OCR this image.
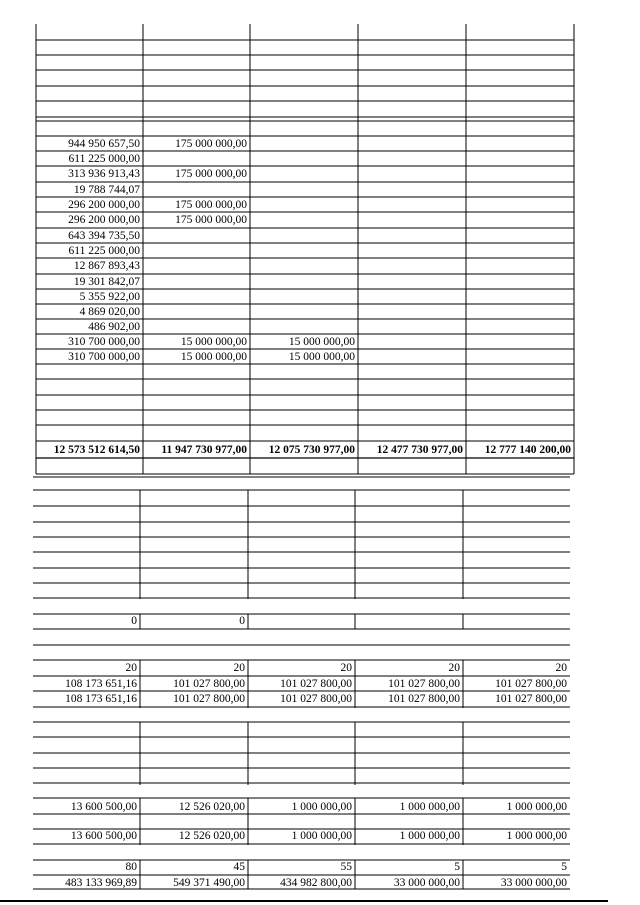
944 950 657,50	175 000 000,00
611 225 000,00
313 936 913,43	175 000 000,00
19 788 744,07
296 200 000,00	175 000 000,00
296 200 000,00	175 000 000,00
643 394 735,50
611 225 000,00
12 867 893,43
19 301 842,07
5 355 922,00
4 869 020,00
486 902,00
310 700 000,00	15 000 000,00	15 000 000,00
310 700 000,00	15 000 000,00	15 000 000,00
12 573 512 614,50	11 947 730 977,00	12 075 730 977,00	12 477 730 977,00	12 777 140 200,00
0	0
20	20	20	20	20
108 173 651,16	101 027 800,00	101 027 800,00	101 027 800,00	101 027 800,00
108 173 651,16	101 027 800,00	101 027 800,00	101 027 800,00	101 027 800,00
13 600 500,00	12 526 020,00	1 000 000,00	1 000 000,00	1 000 000,00
13 600 500,00	12 526 020,00	1 000 000,00	1 000 000,00	1 000 000,00
80	45	55	5	5
483 133 969,89	549 371 490,00	434 982 800,00	33 000 000,00	33 000 000,00
